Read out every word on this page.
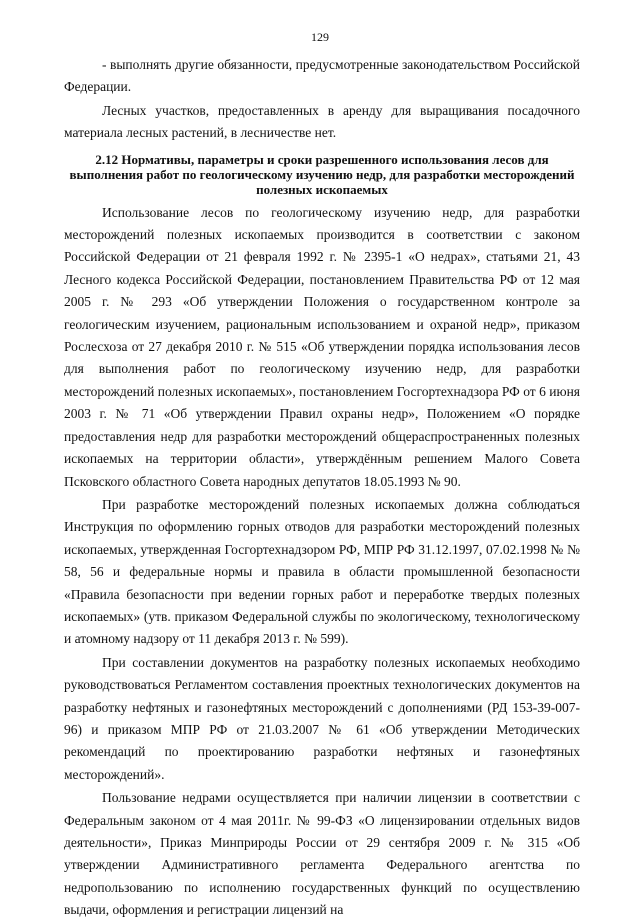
129

- выполнять другие обязанности, предусмотренные законодательством Российской Федерации.

Лесных участков, предоставленных в аренду для выращивания посадочного материала лесных растений, в лесничестве нет.

2.12 Нормативы, параметры и сроки разрешенного использования лесов для выполнения работ по геологическому изучению недр, для разработки месторождений полезных ископаемых

Использование лесов по геологическому изучению недр, для разработки месторождений полезных ископаемых производится в соответствии с законом Российской Федерации от 21 февраля 1992 г. № 2395-1 «О недрах», статьями 21, 43 Лесного кодекса Российской Федерации, постановлением Правительства РФ от 12 мая 2005 г. № 293 «Об утверждении Положения о государственном контроле за геологическим изучением, рациональным использованием и охраной недр», приказом Рослесхоза от 27 декабря 2010 г. № 515 «Об утверждении порядка использования лесов для выполнения работ по геологическому изучению недр, для разработки месторождений полезных ископаемых», постановлением Госгортехнадзора РФ от 6 июня 2003 г. № 71 «Об утверждении Правил охраны недр», Положением «О порядке предоставления недр для разработки месторождений общераспространенных полезных ископаемых на территории области», утверждённым решением Малого Совета Псковского областного Совета народных депутатов 18.05.1993 № 90.

При разработке месторождений полезных ископаемых должна соблюдаться Инструкция по оформлению горных отводов для разработки месторождений полезных ископаемых, утвержденная Госгортехнадзором РФ, МПР РФ 31.12.1997, 07.02.1998 № № 58, 56 и федеральные нормы и правила в области промышленной безопасности «Правила безопасности при ведении горных работ и переработке твердых полезных ископаемых» (утв. приказом Федеральной службы по экологическому, технологическому и атомному надзору от 11 декабря 2013 г. № 599).

При составлении документов на разработку полезных ископаемых необходимо руководствоваться Регламентом составления проектных технологических документов на разработку нефтяных и газонефтяных месторождений с дополнениями (РД 153-39-007-96) и приказом МПР РФ от 21.03.2007 № 61 «Об утверждении Методических рекомендаций по проектированию разработки нефтяных и газонефтяных месторождений».

Пользование недрами осуществляется при наличии лицензии в соответствии с Федеральным законом от 4 мая 2011г. № 99-ФЗ «О лицензировании отдельных видов деятельности», Приказ Минприроды России от 29 сентября 2009 г. № 315 «Об утверждении Административного регламента Федерального агентства по недропользованию по исполнению государственных функций по осуществлению выдачи, оформления и регистрации лицензий на
